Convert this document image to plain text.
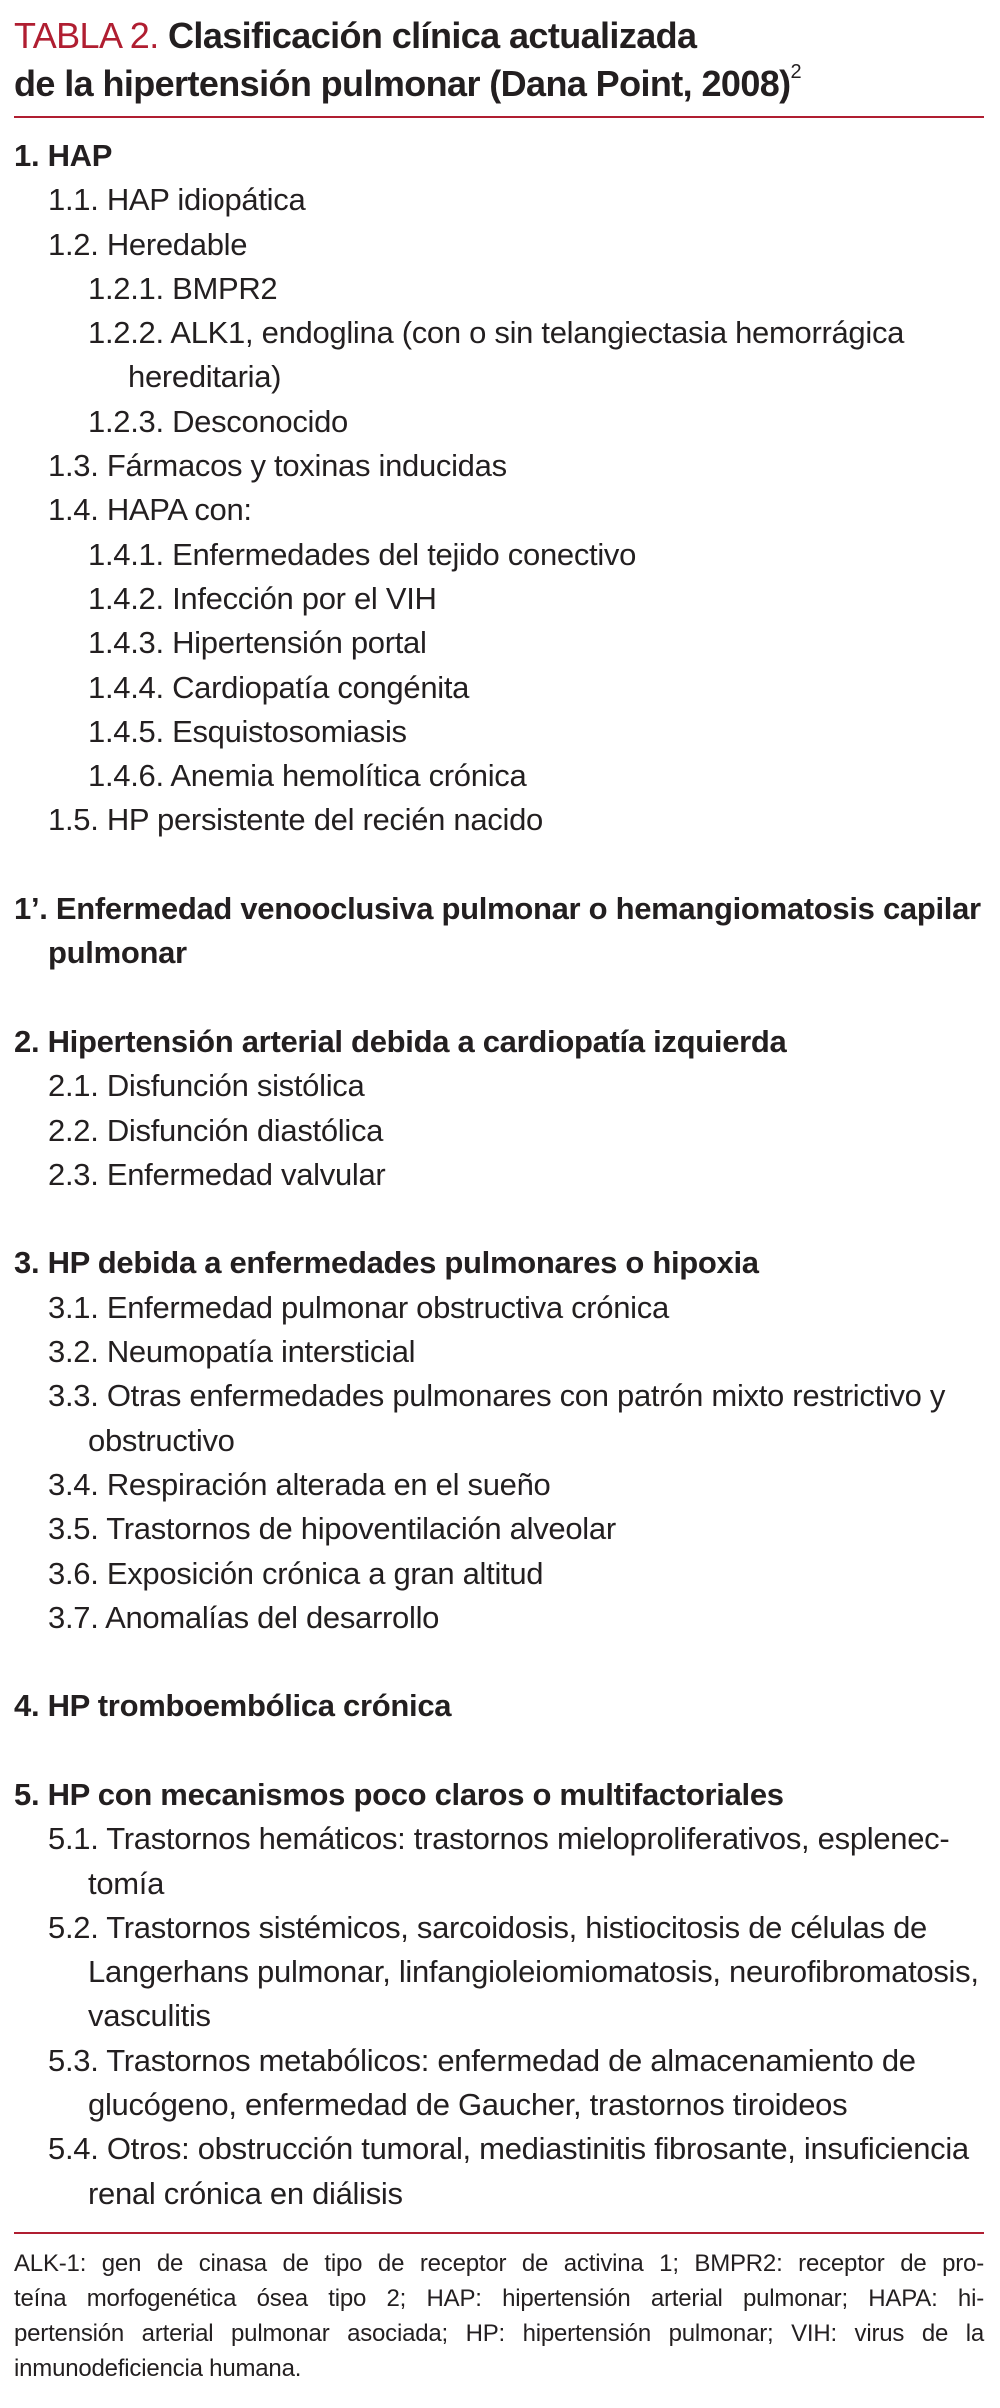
TABLA 2. Clasificación clínica actualizada
de la hipertensión pulmonar (Dana Point, 2008)$^2$
1. HAP
1.1. HAP idiopática
1.2. Heredable
1.2.1. BMPR2
1.2.2. ALK1, endoglina (con o sin telangiectasia hemorrágica
hereditaria)
1.2.3. Desconocido
1.3. Fármacos y toxinas inducidas
1.4. HAPA con:
1.4.1. Enfermedades del tejido conectivo
1.4.2. Infección por el VIH
1.4.3. Hipertensión portal
1.4.4. Cardiopatía congénita
1.4.5. Esquistosomiasis
1.4.6. Anemia hemolítica crónica
1.5. HP persistente del recién nacido
1’. Enfermedad venooclusiva pulmonar o hemangiomatosis capilar
pulmonar
2. Hipertensión arterial debida a cardiopatía izquierda
2.1. Disfunción sistólica
2.2. Disfunción diastólica
2.3. Enfermedad valvular
3. HP debida a enfermedades pulmonares o hipoxia
3.1. Enfermedad pulmonar obstructiva crónica
3.2. Neumopatía intersticial
3.3. Otras enfermedades pulmonares con patrón mixto restrictivo y
obstructivo
3.4. Respiración alterada en el sueño
3.5. Trastornos de hipoventilación alveolar
3.6. Exposición crónica a gran altitud
3.7. Anomalías del desarrollo
4. HP tromboembólica crónica
5. HP con mecanismos poco claros o multifactoriales
5.1. Trastornos hemáticos: trastornos mieloproliferativos, esplenec-
tomía
5.2. Trastornos sistémicos, sarcoidosis, histiocitosis de células de
Langerhans pulmonar, linfangioleiomiomatosis, neurofibromatosis,
vasculitis
5.3. Trastornos metabólicos: enfermedad de almacenamiento de
glucógeno, enfermedad de Gaucher, trastornos tiroideos
5.4. Otros: obstrucción tumoral, mediastinitis fibrosante, insuficiencia
renal crónica en diálisis
ALK-1: gen de cinasa de tipo de receptor de activina 1; BMPR2: receptor de pro-
teína morfogenética ósea tipo 2; HAP: hipertensión arterial pulmonar; HAPA: hi-
pertensión arterial pulmonar asociada; HP: hipertensión pulmonar; VIH: virus de la
inmunodeficiencia humana.
